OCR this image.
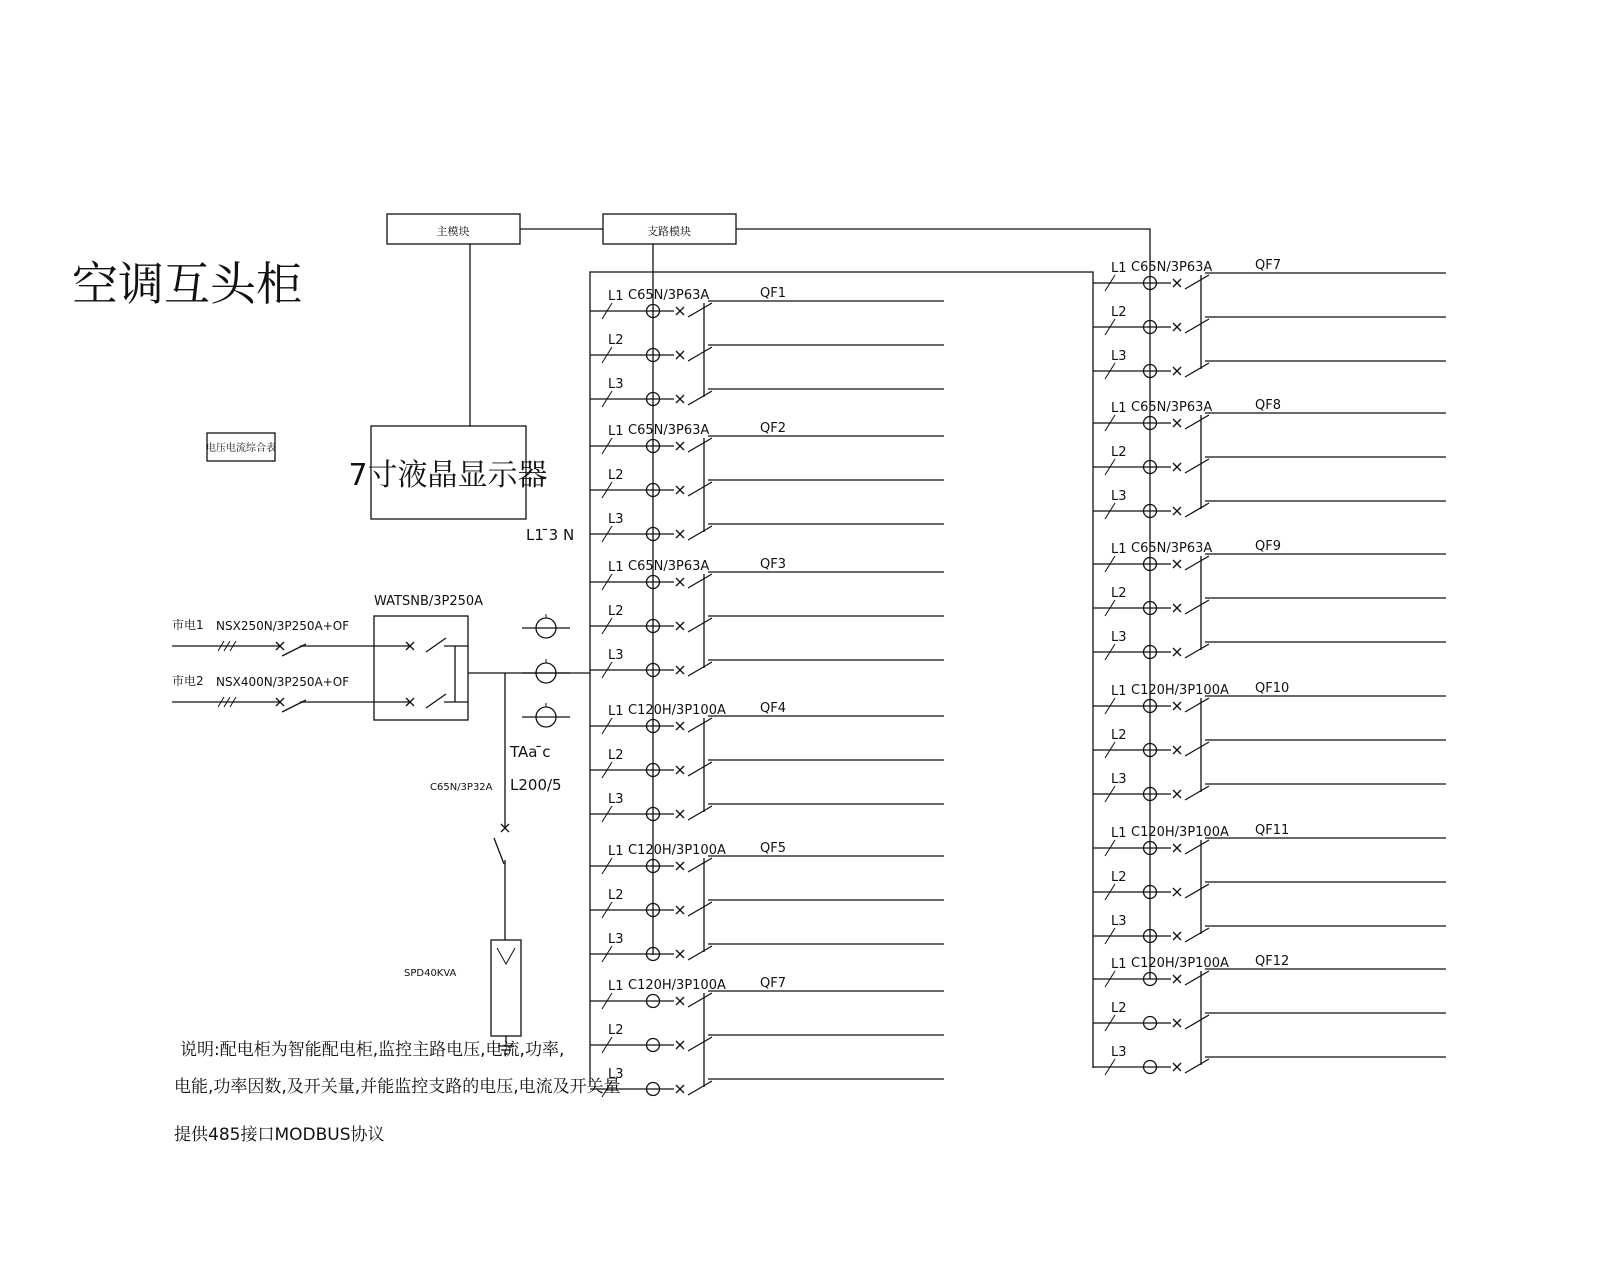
空调互头柜
主模块	支路模块
7寸液晶显示器
电压电流综合表
L1 ̄3 N
WATSNB/3P250A
市电1 NSX250N/3P250A+OF
市电2 NSX400N/3P250A+OF
TAa ̄c
L200/5
C65N/3P32A
SPD40KVA
说明:配电柜为智能配电柜,监控主路电压,电流,功率,
电能,功率因数,及开关量,并能监控支路的电压,电流及开关量
提供485接口MODBUS协议
L1
L2
L3
C65N/3P63A	QF1
L1
L2
L3
C65N/3P63A	QF2
L1
L2
L3
C65N/3P63A	QF3
L1
L2
L3
C120H/3P100A	QF4
L1
L2
L3
C120H/3P100A	QF5
L1
L2
L3
C120H/3P100A	QF7
L1
L2
L3
C65N/3P63A	QF7
L1
L2
L3
C65N/3P63A	QF8
L1
L2
L3
C65N/3P63A	QF9
L1
L2
L3
C120H/3P100A QF10
L1
L2
L3
C120H/3P100A QF11
L1
L2
L3
C120H/3P100A QF12
